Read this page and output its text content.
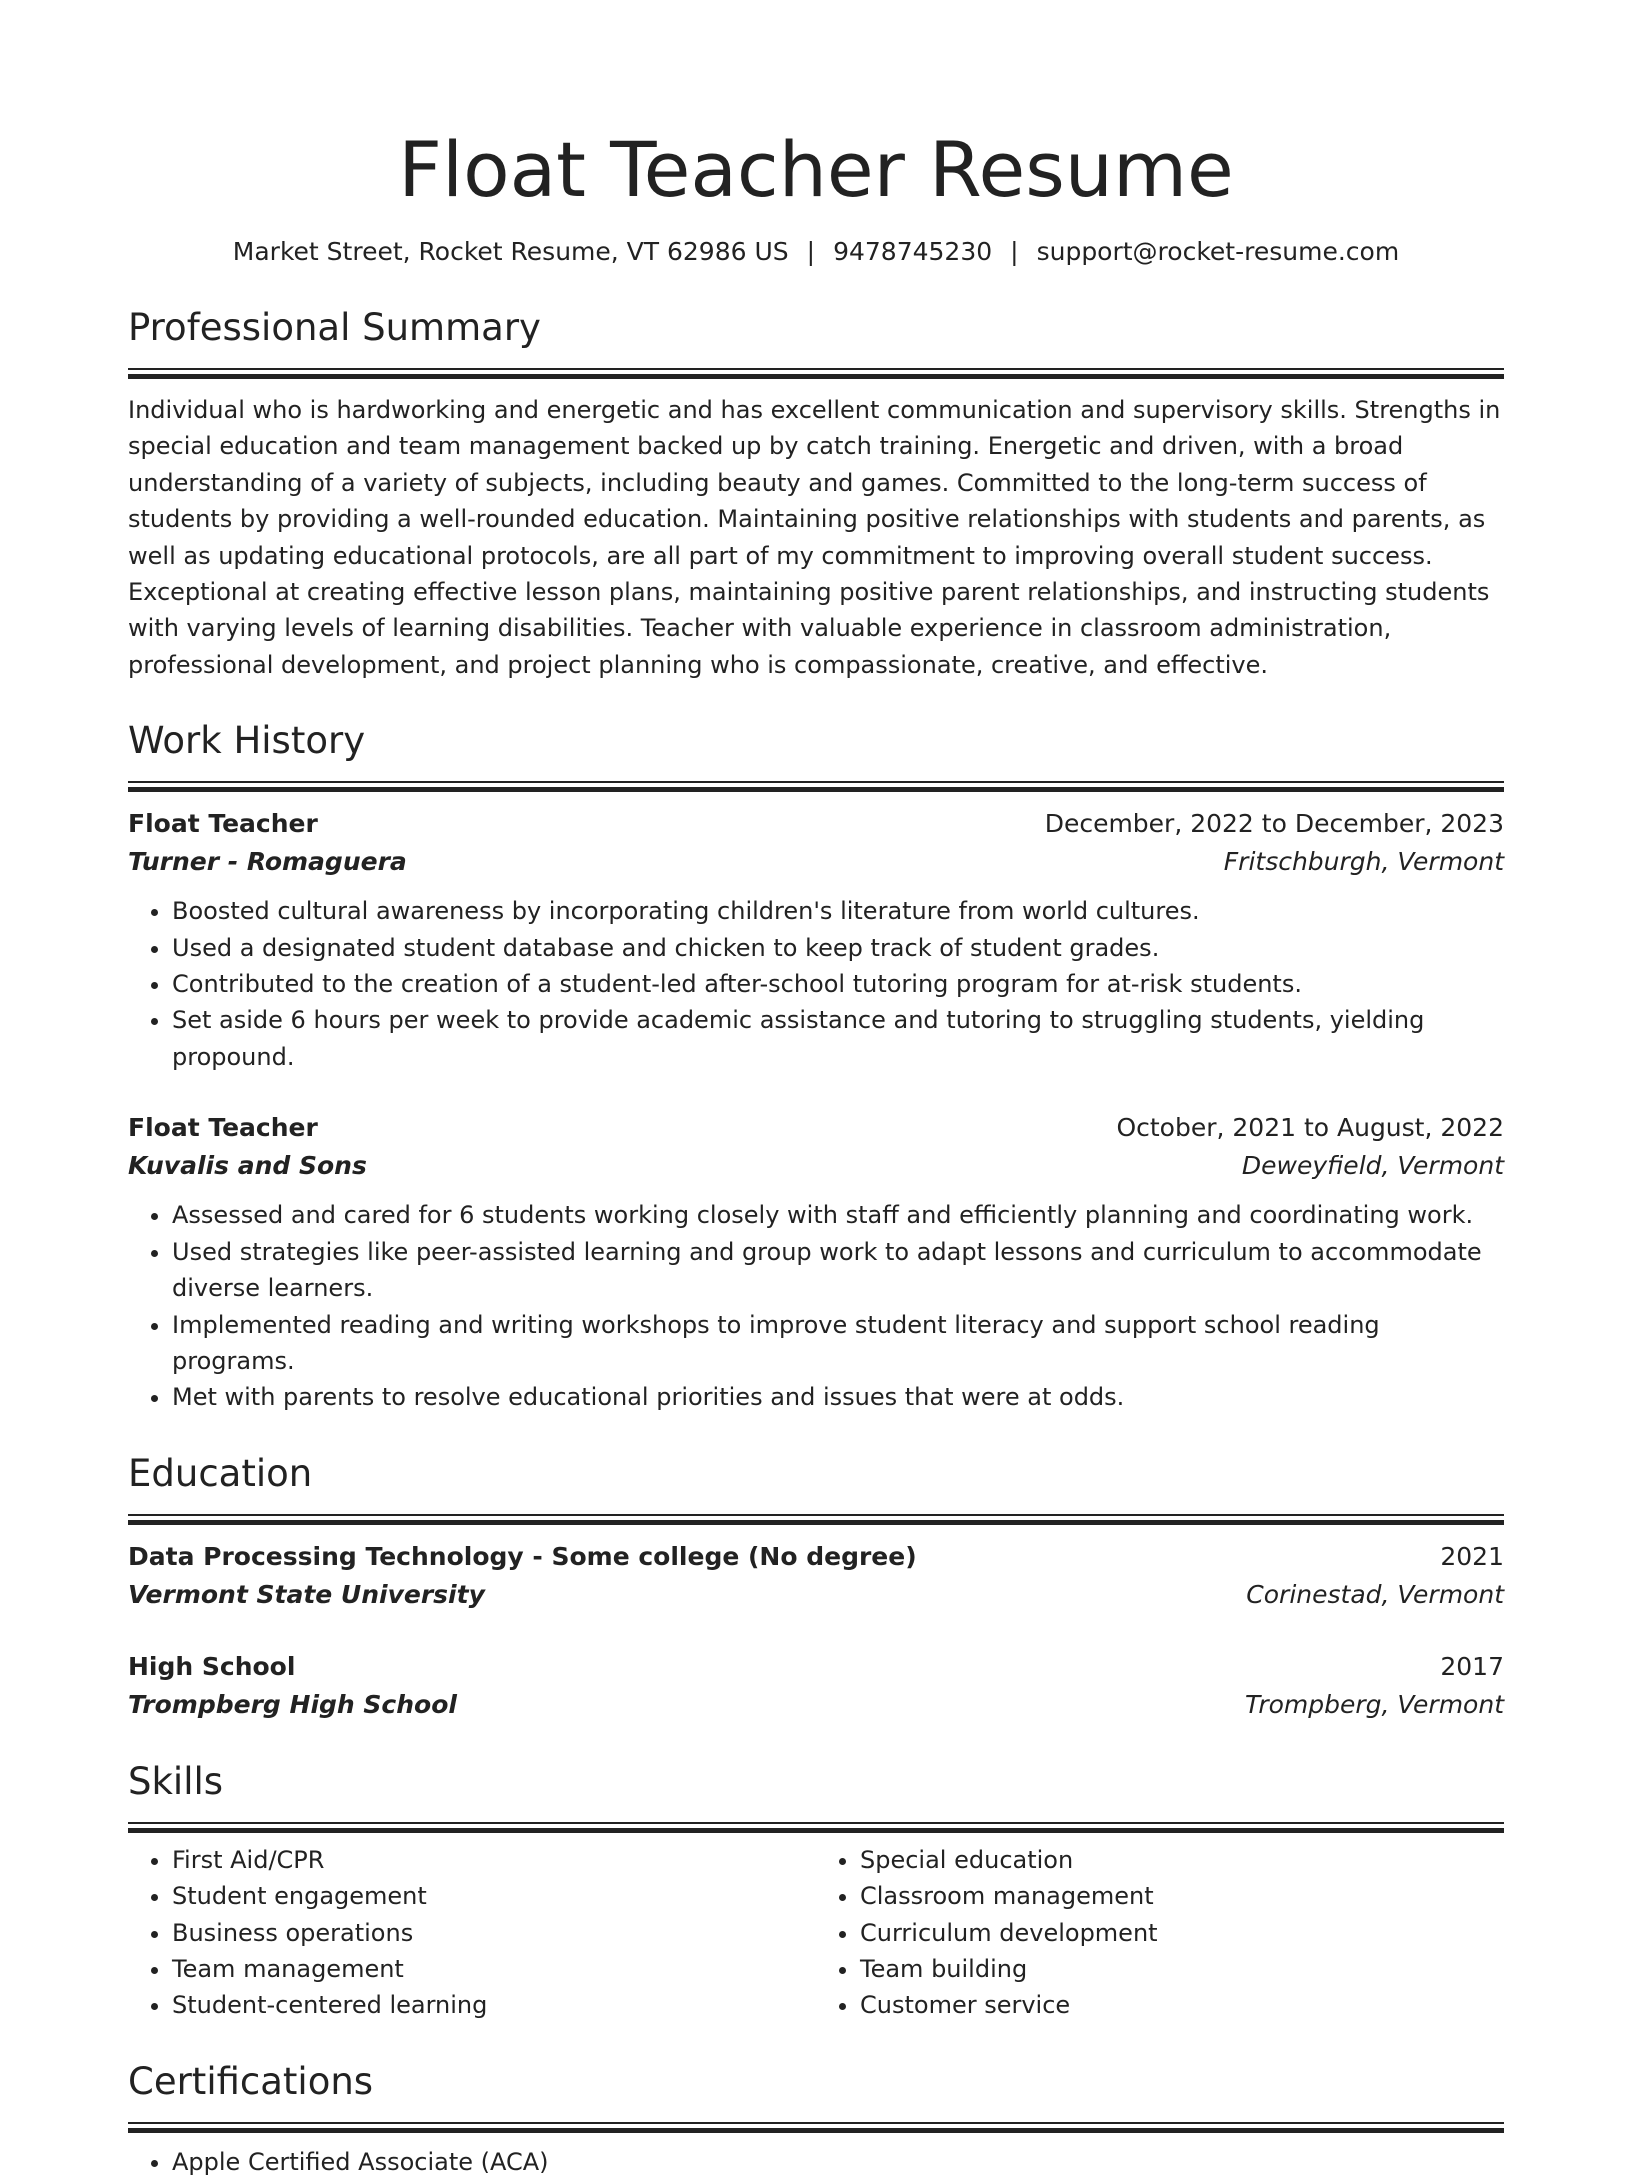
Float Teacher Resume
Market Street, Rocket Resume, VT 62986 US | 9478745230 | support@rocket-resume.com
Professional Summary
Individual who is hardworking and energetic and has excellent communication and supervisory skills. Strengths in special education and team management backed up by catch training. Energetic and driven, with a broad understanding of a variety of subjects, including beauty and games. Committed to the long-term success of students by providing a well-rounded education. Maintaining positive relationships with students and parents, as well as updating educational protocols, are all part of my commitment to improving overall student success. Exceptional at creating effective lesson plans, maintaining positive parent relationships, and instructing students with varying levels of learning disabilities. Teacher with valuable experience in classroom administration, professional development, and project planning who is compassionate, creative, and effective.
Work History
Float Teacher	December, 2022 to December, 2023
Turner - Romaguera	Fritschburgh, Vermont
• Boosted cultural awareness by incorporating children's literature from world cultures.
• Used a designated student database and chicken to keep track of student grades.
• Contributed to the creation of a student-led after-school tutoring program for at-risk students.
• Set aside 6 hours per week to provide academic assistance and tutoring to struggling students, yielding propound.
Float Teacher	October, 2021 to August, 2022
Kuvalis and Sons	Deweyfield, Vermont
• Assessed and cared for 6 students working closely with staff and efficiently planning and coordinating work.
• Used strategies like peer-assisted learning and group work to adapt lessons and curriculum to accommodate diverse learners.
• Implemented reading and writing workshops to improve student literacy and support school reading programs.
• Met with parents to resolve educational priorities and issues that were at odds.
Education
Data Processing Technology - Some college (No degree)	2021
Vermont State University	Corinestad, Vermont
High School	2017
Trompberg High School	Trompberg, Vermont
Skills
• First Aid/CPR
• Student engagement
• Business operations
• Team management
• Student-centered learning
• Special education
• Classroom management
• Curriculum development
• Team building
• Customer service
Certifications
• Apple Certified Associate (ACA)
